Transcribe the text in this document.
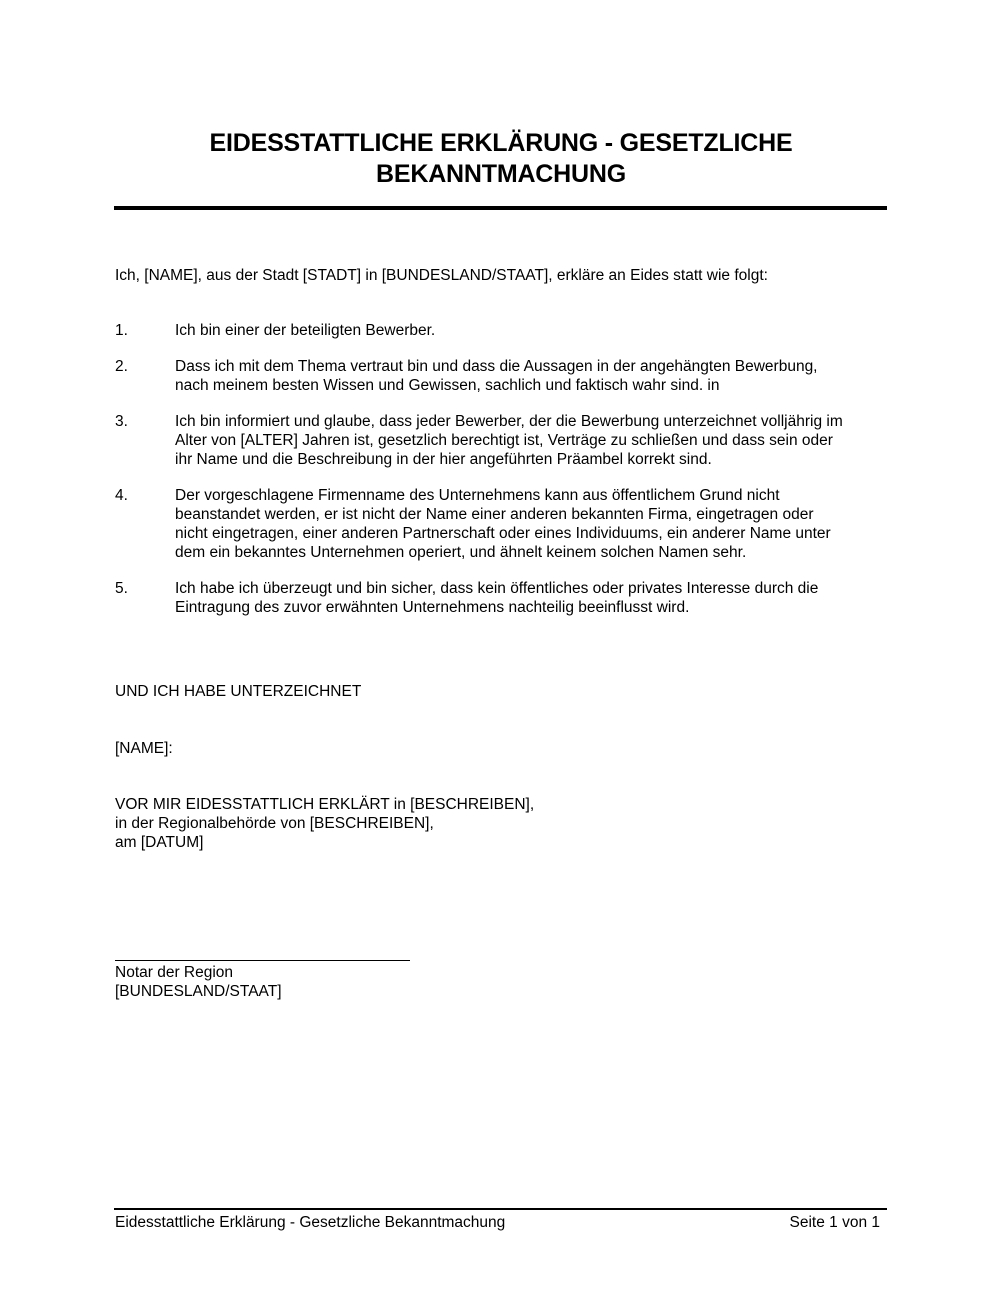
EIDESSTATTLICHE ERKLÄRUNG - GESETZLICHE
BEKANNTMACHUNG
Ich, [NAME], aus der Stadt [STADT] in [BUNDESLAND/STAAT], erkläre an Eides statt wie folgt:
1.	Ich bin einer der beteiligten Bewerber.
2.	Dass ich mit dem Thema vertraut bin und dass die Aussagen in der angehängten Bewerbung,
nach meinem besten Wissen und Gewissen, sachlich und faktisch wahr sind. in
3.	Ich bin informiert und glaube, dass jeder Bewerber, der die Bewerbung unterzeichnet volljährig im
Alter von [ALTER] Jahren ist, gesetzlich berechtigt ist, Verträge zu schließen und dass sein oder
ihr Name und die Beschreibung in der hier angeführten Präambel korrekt sind.
4.	Der vorgeschlagene Firmenname des Unternehmens kann aus öffentlichem Grund nicht
beanstandet werden, er ist nicht der Name einer anderen bekannten Firma, eingetragen oder
nicht eingetragen, einer anderen Partnerschaft oder eines Individuums, ein anderer Name unter
dem ein bekanntes Unternehmen operiert, und ähnelt keinem solchen Namen sehr.
5.	Ich habe ich überzeugt und bin sicher, dass kein öffentliches oder privates Interesse durch die
Eintragung des zuvor erwähnten Unternehmens nachteilig beeinflusst wird.
UND ICH HABE UNTERZEICHNET
[NAME]:
VOR MIR EIDESSTATTLICH ERKLÄRT in [BESCHREIBEN],
in der Regionalbehörde von [BESCHREIBEN],
am [DATUM]
Notar der Region
[BUNDESLAND/STAAT]
Eidesstattliche Erklärung - Gesetzliche Bekanntmachung	Seite 1 von 1
